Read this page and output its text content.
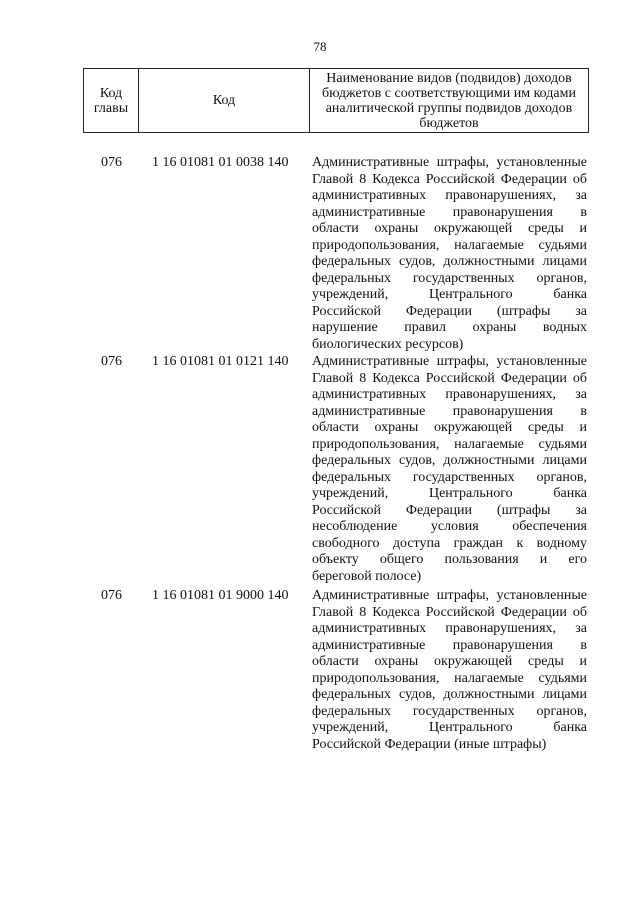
78
Код главы	Код
Наименование видов (подвидов) доходов бюджетов с соответствующими им кодами аналитической группы подвидов доходов бюджетов
076 1 16 01081 01 0038 140 Административные штрафы, установленные
Главой 8 Кодекса Российской Федерации об
административных правонарушениях, за
административные правонарушения в
области охраны окружающей среды и
природопользования, налагаемые судьями
федеральных судов, должностными лицами
федеральных государственных органов,
учреждений, Центрального банка
Российской Федерации (штрафы за
нарушение правил охраны водных
биологических ресурсов)
076 1 16 01081 01 0121 140 Административные штрафы, установленные
Главой 8 Кодекса Российской Федерации об
административных правонарушениях, за
административные правонарушения в
области охраны окружающей среды и
природопользования, налагаемые судьями
федеральных судов, должностными лицами
федеральных государственных органов,
учреждений, Центрального банка
Российской Федерации (штрафы за
несоблюдение условия обеспечения
свободного доступа граждан к водному
объекту общего пользования и его
береговой полосе)
076 1 16 01081 01 9000 140 Административные штрафы, установленные
Главой 8 Кодекса Российской Федерации об
административных правонарушениях, за
административные правонарушения в
области охраны окружающей среды и
природопользования, налагаемые судьями
федеральных судов, должностными лицами
федеральных государственных органов,
учреждений, Центрального банка
Российской Федерации (иные штрафы)
